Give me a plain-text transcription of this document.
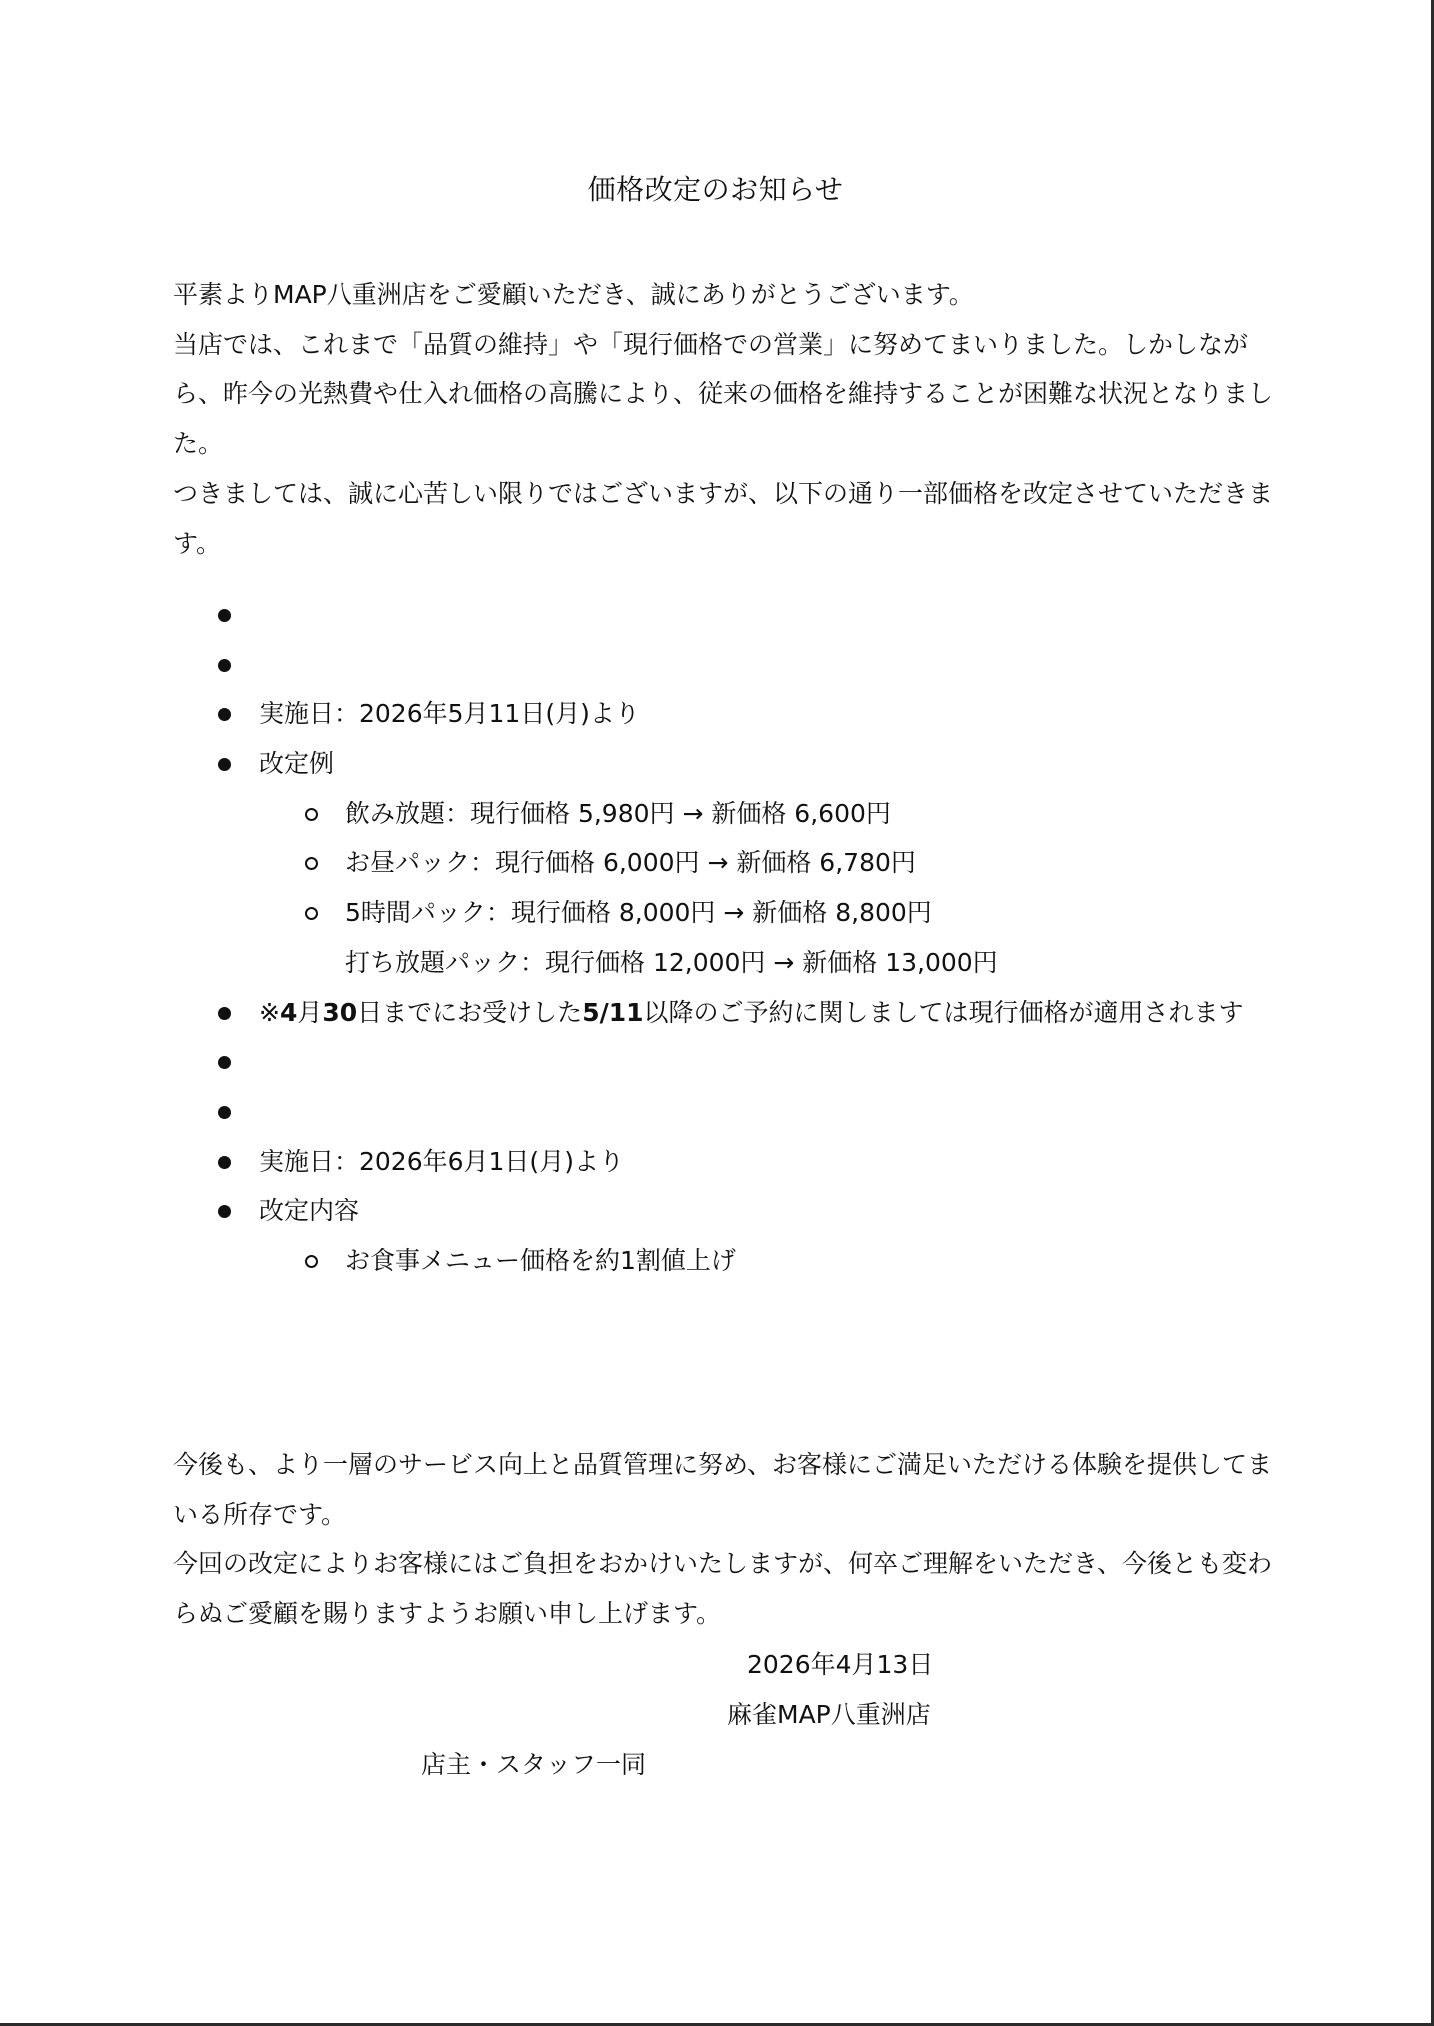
価格改定のお知らせ

平素よりMAP八重洲店をご愛顧いただき、誠にありがとうございます。

当店では、これまで「品質の維持」や「現行価格での営業」に努めてまいりました。しかしながら、昨今の光熱費や仕入れ価格の高騰により、従来の価格を維持することが困難な状況となりました。

つきましては、誠に心苦しい限りではございますが、以下の通り一部価格を改定させていただきます。

実施日：2026年5月11日(月)より
改定例
飲み放題：現行価格 5,980円 → 新価格 6,600円
お昼パック：現行価格 6,000円 → 新価格 6,780円
5時間パック：現行価格 8,000円 → 新価格 8,800円
打ち放題パック：現行価格 12,000円 → 新価格 13,000円
※4月30日までにお受けした5/11以降のご予約に関しましては現行価格が適用されます
実施日：2026年6月1日(月)より
改定内容
お食事メニュー価格を約1割値上げ

今後も、より一層のサービス向上と品質管理に努め、お客様にご満足いただける体験を提供してまいる所存です。

今回の改定によりお客様にはご負担をおかけいたしますが、何卒ご理解をいただき、今後とも変わらぬご愛顧を賜りますようお願い申し上げます。

2026年4月13日
麻雀MAP八重洲店
店主・スタッフ一同
